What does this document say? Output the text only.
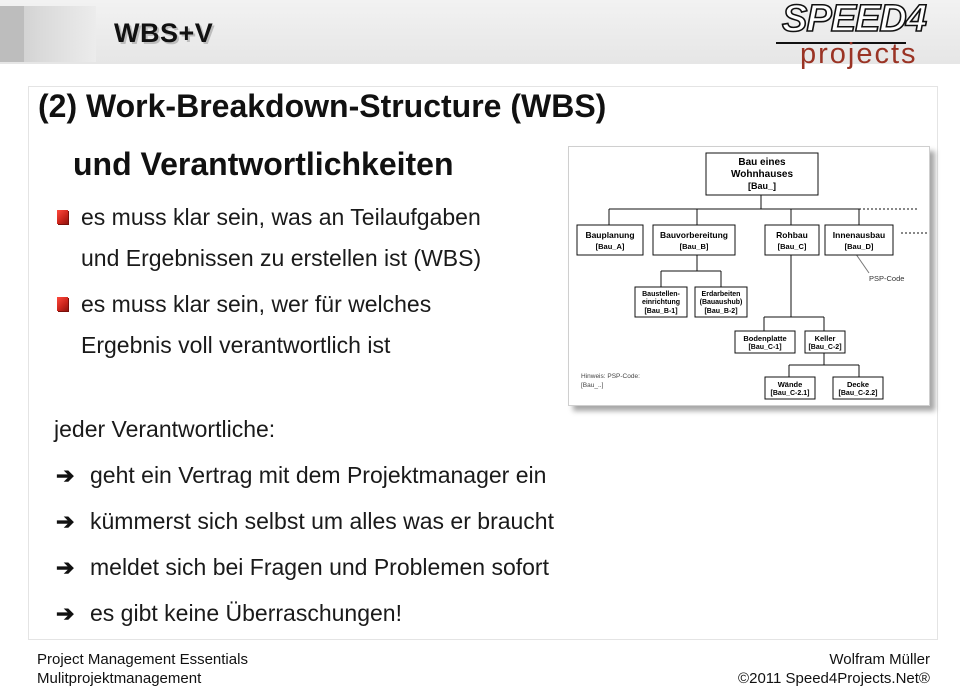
WBS+V	SPEED4
projects
(2) Work-Breakdown-Structure (WBS)
und Verantwortlichkeiten
es muss klar sein, was an Teilaufgaben
und Ergebnissen zu erstellen ist (WBS)
es muss klar sein, wer für welches
Ergebnis voll verantwortlich ist
jeder Verantwortliche:
➔ geht ein Vertrag mit dem Projektmanager ein
➔ kümmerst sich selbst um alles was er braucht
➔ meldet sich bei Fragen und Problemen sofort
➔ es gibt keine Überraschungen!
Bau eines
Wohnhauses
[Bau_]
Bauplanung
[Bau_A]
Bauvorbereitung
[Bau_B]
Rohbau
[Bau_C]
Innenausbau
[Bau_D]
Baustellen-
einrichtung
[Bau_B-1]
Erdarbeiten
(Bauaushub)
[Bau_B-2]
Bodenplatte
[Bau_C-1]
Keller
[Bau_C-2]
Wände
[Bau_C-2.1]
Decke
[Bau_C-2.2]
PSP-Code
Hinweis: PSP-Code:
[Bau_..]
Project Management Essentials
Mulitprojektmanagement
Wolfram Müller
©2011 Speed4Projects.Net®
